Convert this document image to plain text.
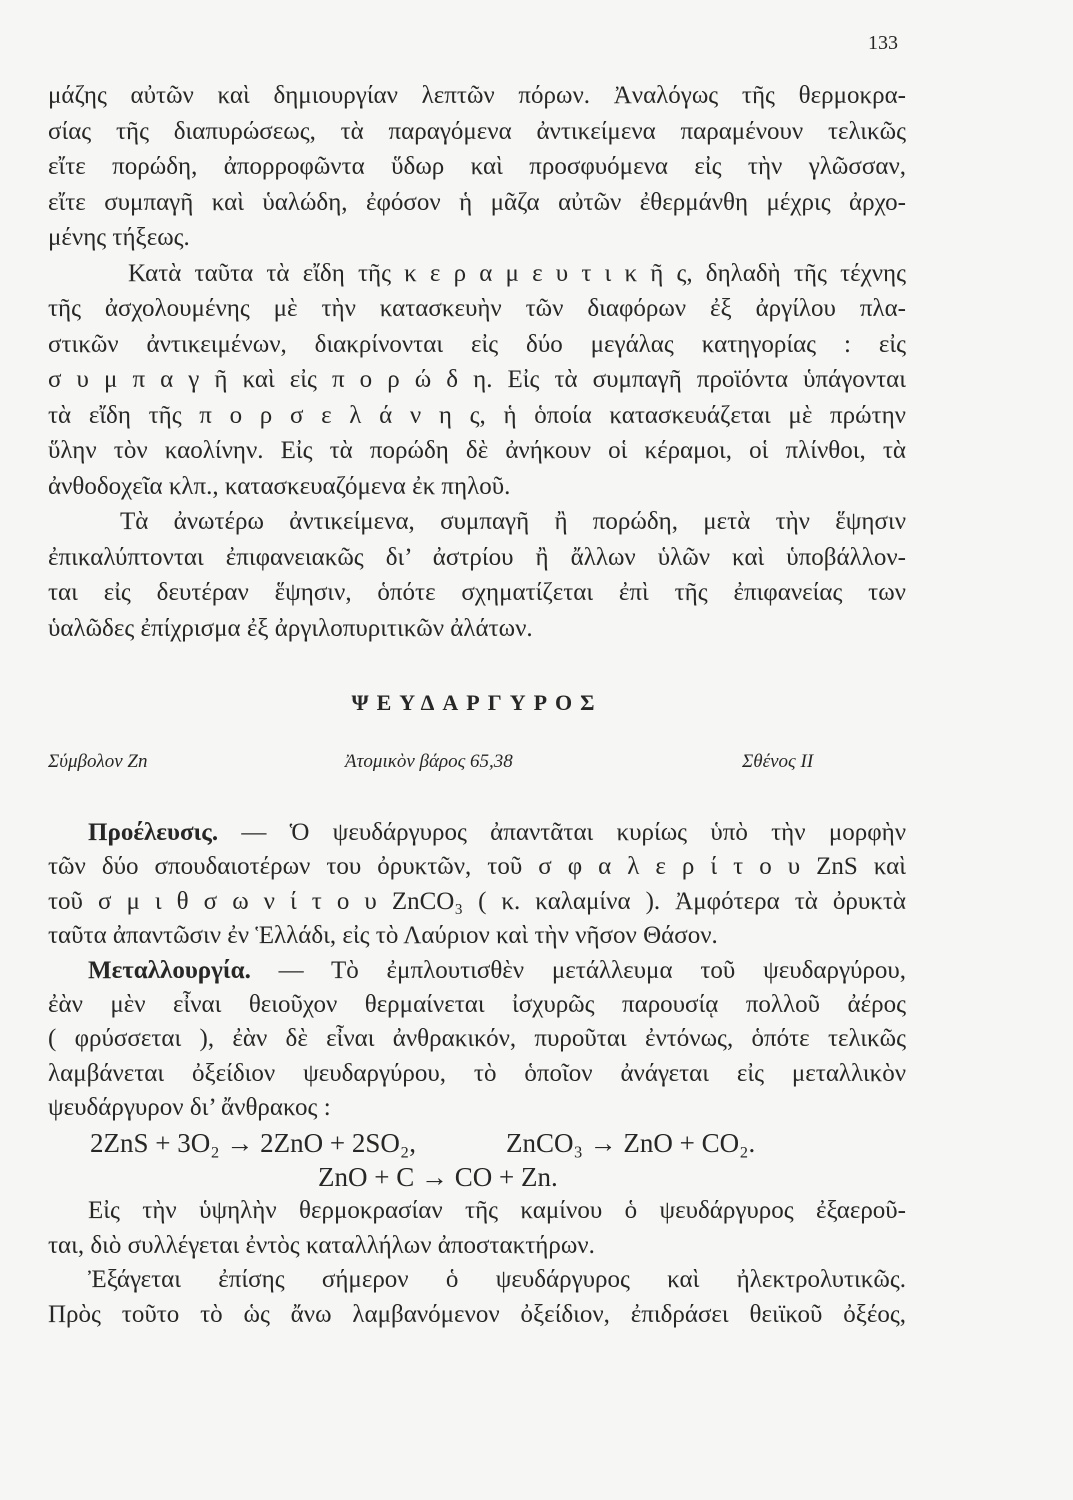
133
μάζης αὐτῶν καὶ δημιουργίαν λεπτῶν πόρων. Ἀναλόγως τῆς θερμοκρα-
σίας τῆς διαπυρώσεως, τὰ παραγόμενα ἀντικείμενα παραμένουν τελικῶς
εἴτε πορώδη, ἀπορροφῶντα ὕδωρ καὶ προσφυόμενα εἰς τὴν γλῶσσαν,
εἴτε συμπαγῆ καὶ ὑαλώδη, ἐφόσον ἡ μᾶζα αὐτῶν ἐθερμάνθη μέχρις ἀρχο-
μένης τήξεως.
Κατὰ ταῦτα τὰ εἴδη τῆς κ ε ρ α μ ε υ τ ι κ ῆ ς, δηλαδὴ τῆς τέχνης
τῆς ἀσχολουμένης μὲ τὴν κατασκευὴν τῶν διαφόρων ἐξ ἀργίλου πλα-
στικῶν ἀντικειμένων, διακρίνονται εἰς δύο μεγάλας κατηγορίας : εἰς
σ υ μ π α γ ῆ καὶ εἰς π ο ρ ώ δ η. Εἰς τὰ συμπαγῆ προϊόντα ὑπάγονται
τὰ εἴδη τῆς π ο ρ σ ε λ ά ν η ς, ἡ ὁποία κατασκευάζεται μὲ πρώτην
ὕλην τὸν καολίνην. Εἰς τὰ πορώδη δὲ ἀνήκουν οἱ κέραμοι, οἱ πλίνθοι, τὰ
ἀνθοδοχεῖα κλπ., κατασκευαζόμενα ἐκ πηλοῦ.
Τὰ ἀνωτέρω ἀντικείμενα, συμπαγῆ ἢ πορώδη, μετὰ τὴν ἕψησιν
ἐπικαλύπτονται ἐπιφανειακῶς δι’ ἀστρίου ἢ ἄλλων ὑλῶν καὶ ὑποβάλλον-
ται εἰς δευτέραν ἕψησιν, ὁπότε σχηματίζεται ἐπὶ τῆς ἐπιφανείας των
ὑαλῶδες ἐπίχρισμα ἐξ ἀργιλοπυριτικῶν ἀλάτων.
ΨΕΥΔΑΡΓΥΡΟΣ
Σύμβολον Zn	Ἀτομικὸν βάρος 65,38	Σθένος II
Προέλευσις. — Ὁ ψευδάργυρος ἀπαντᾶται κυρίως ὑπὸ τὴν μορφὴν
τῶν δύο σπουδαιοτέρων του ὀρυκτῶν, τοῦ σ φ α λ ε ρ ί τ ο υ ZnS καὶ
τοῦ σ μ ι θ σ ω ν ί τ ο υ ZnCO₃ ( κ. καλαμίνα ). Ἀμφότερα τὰ ὀρυκτὰ
ταῦτα ἀπαντῶσιν ἐν Ἑλλάδι, εἰς τὸ Λαύριον καὶ τὴν νῆσον Θάσον.
Μεταλλουργία. — Τὸ ἐμπλουτισθὲν μετάλλευμα τοῦ ψευδαργύρου,
ἐὰν μὲν εἶναι θειοῦχον θερμαίνεται ἰσχυρῶς παρουσίᾳ πολλοῦ ἀέρος
( φρύσσεται ), ἐὰν δὲ εἶναι ἀνθρακικόν, πυροῦται ἐντόνως, ὁπότε τελικῶς
λαμβάνεται ὀξείδιον ψευδαργύρου, τὸ ὁποῖον ἀνάγεται εἰς μεταλλικὸν
ψευδάργυρον δι’ ἄνθρακος :
2ZnS + 3O₂ → 2ZnO + 2SO₂,	ZnCO₃ → ZnO + CO₂.
ZnO + C → CO + Zn.
Εἰς τὴν ὑψηλὴν θερμοκρασίαν τῆς καμίνου ὁ ψευδάργυρος ἐξαεροῦ-
ται, διὸ συλλέγεται ἐντὸς καταλλήλων ἀποστακτήρων.
Ἐξάγεται ἐπίσης σήμερον ὁ ψευδάργυρος καὶ ἠλεκτρολυτικῶς.
Πρὸς τοῦτο τὸ ὡς ἄνω λαμβανόμενον ὀξείδιον, ἐπιδράσει θειϊκοῦ ὀξέος,
